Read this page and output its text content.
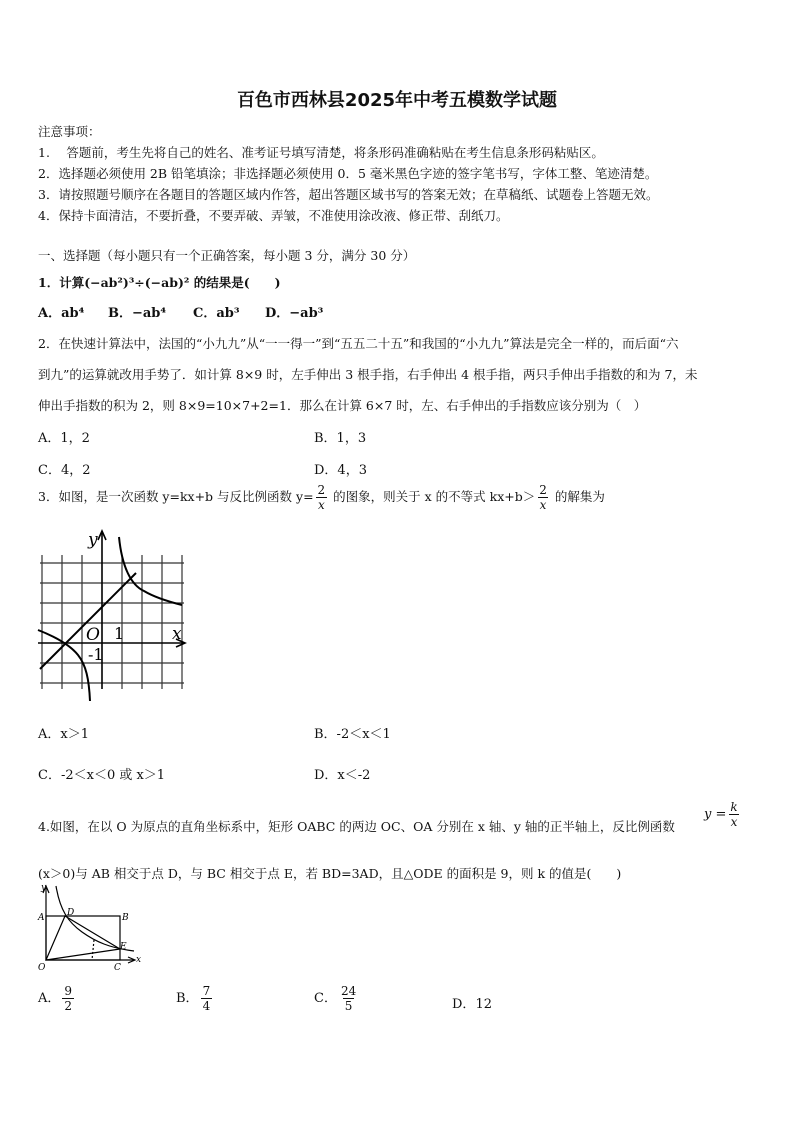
百色市西林县2025年中考五模数学试题
注意事项：
1.　 答题前，考生先将自己的姓名、准考证号填写清楚，将条形码准确粘贴在考生信息条形码粘贴区。
2．选择题必须使用 2B 铅笔填涂；非选择题必须使用 0．5 毫米黑色字迹的签字笔书写，字体工整、笔迹清楚。
3．请按照题号顺序在各题目的答题区域内作答，超出答题区域书写的答案无效；在草稿纸、试题卷上答题无效。
4．保持卡面清洁，不要折叠，不要弄破、弄皱，不准使用涂改液、修正带、刮纸刀。
一、选择题（每小题只有一个正确答案，每小题 3 分，满分 30 分）
1．计算(−ab²)³÷(−ab)² 的结果是(　　)
A．ab⁴ B．−ab⁴ C．ab³ D．−ab³
2．在快速计算法中，法国的“小九九”从“一一得一”到“五五二十五”和我国的“小九九”算法是完全一样的，而后面“六
到九”的运算就改用手势了．如计算 8×9 时，左手伸出 3 根手指，右手伸出 4 根手指，两只手伸出手指数的和为 7，未
伸出手指数的积为 2，则 8×9=10×7+2=1．那么在计算 6×7 时，左、右手伸出的手指数应该分别为（　）
A．1，2	B．1，3
C．4，2	D．4，3
3．如图，是一次函数 y=kx+b 与反比例函数 $y= \frac{2}{x}$ 的图象，则关于 x 的不等式 $kx+b> \frac{2}{x}$ 的解集为
y
x
O 1
-1
A．x＞1	B．-2＜x＜1
C．-2＜x＜0 或 x＞1	D．x＜-2
4.如图，在以 O 为原点的直角坐标系中，矩形 OABC 的两边 OC、OA 分别在 x 轴、y 轴的正半轴上，反比例函数
$y = \frac{k}{x}$
(x＞0)与 AB 相交于点 D，与 BC 相交于点 E，若 BD=3AD，且△ODE 的面积是 9，则 k 的值是(　　)
y
x
O
A	B
C
D
E
A． $\frac{9}{2}$	B． $\frac{7}{4}$	C． $\frac{24}{5}$	D．12
